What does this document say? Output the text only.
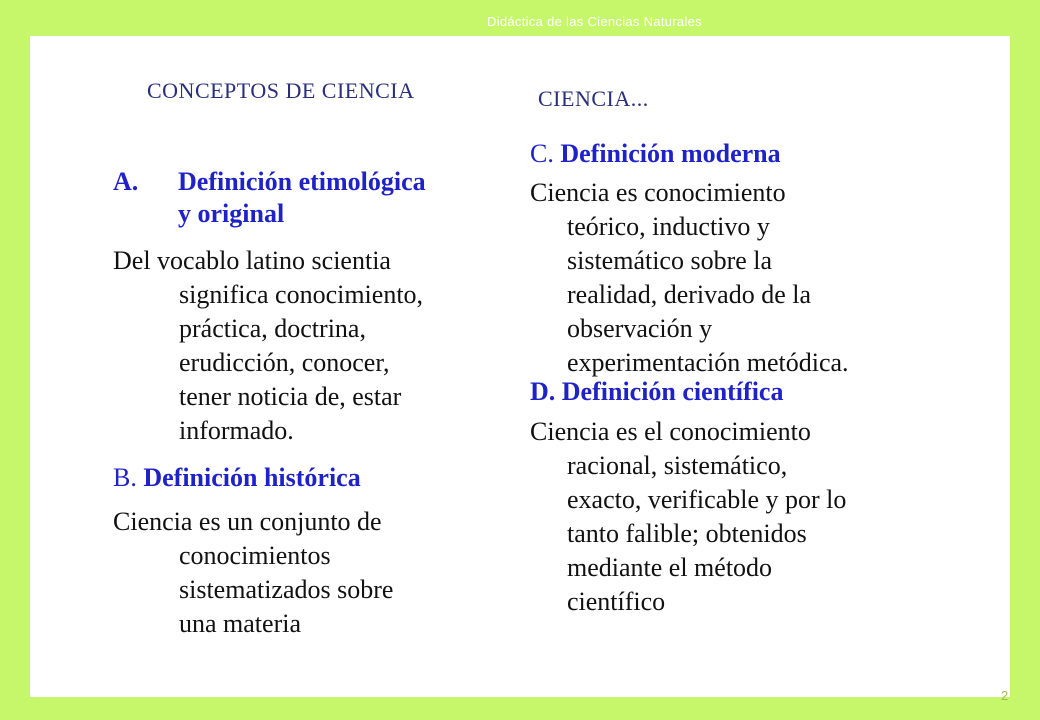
Didáctica de las Ciencias Naturales
CONCEPTOS DE CIENCIA	CIENCIA...
A. Definición etimológica
y original
Del vocablo latino scientia
significa conocimiento,
práctica, doctrina,
erudicción, conocer,
tener noticia de, estar
informado.
B. Definición histórica
Ciencia es un conjunto de
conocimientos
sistematizados sobre
una materia
C. Definición moderna
Ciencia es conocimiento
teórico, inductivo y
sistemático sobre la
realidad, derivado de la
observación y
experimentación metódica.
D. Definición científica
Ciencia es el conocimiento
racional, sistemático,
exacto, verificable y por lo
tanto falible; obtenidos
mediante el método
científico
2
